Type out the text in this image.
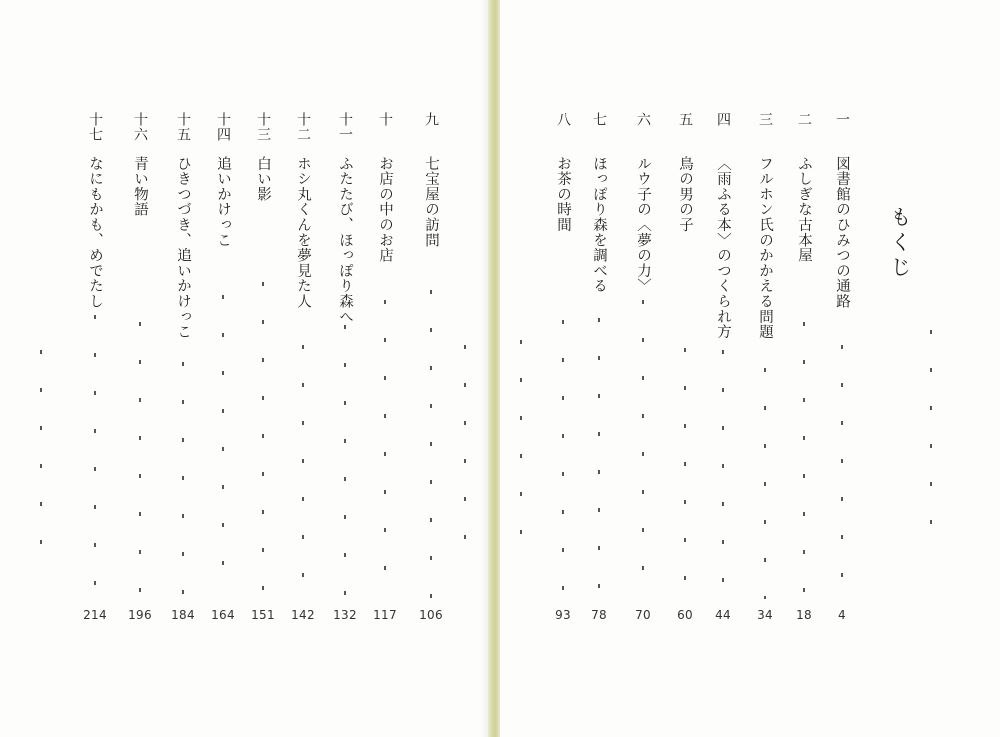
九
七宝屋の訪問
106
十
お店の中のお店
117
十一
ふたたび、ほっぽり森へ
132
十二
ホシ丸くんを夢見た人
142
十三
白い影
151
十四
追いかけっこ
164
十五
ひきつづき、追いかけっこ
184
十六
青い物語
196
十七
なにもかも、めでたし
214
もくじ
一
図書館のひみつの通路
4
二
ふしぎな古本屋
18
三
フルホン氏のかかえる問題
34
四
〈雨ふる本〉のつくられ方
44
五
鳥の男の子
60
六
ルウ子の〈夢の力〉
70
七
ほっぽり森を調べる
78
八
お茶の時間
93
